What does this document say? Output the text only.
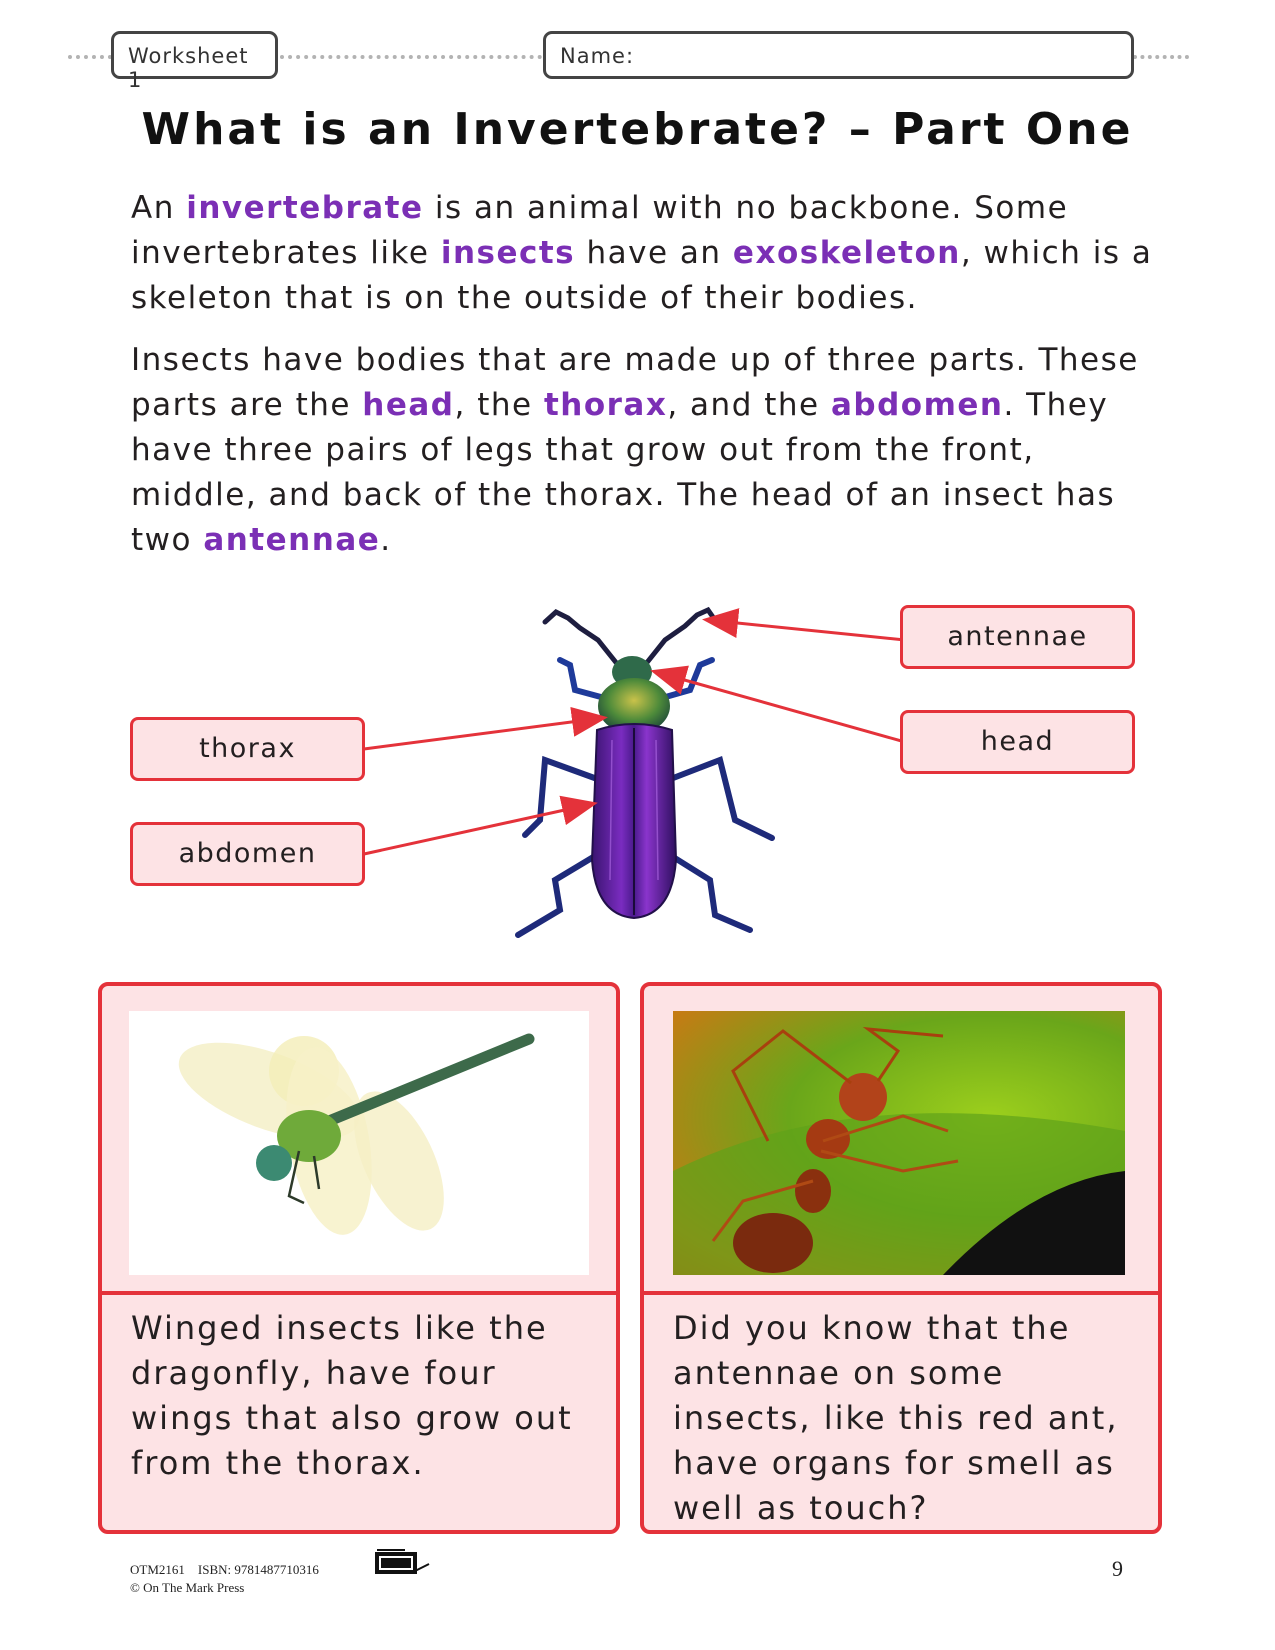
Worksheet 1
Name:
What is an Invertebrate? – Part One
An invertebrate is an animal with no backbone. Some invertebrates like insects have an exoskeleton, which is a skeleton that is on the outside of their bodies.
Insects have bodies that are made up of three parts. These parts are the head, the thorax, and the abdomen. They have three pairs of legs that grow out from the front, middle, and back of the thorax. The head of an insect has two antennae.
antennae
head
thorax
abdomen
Winged insects like the dragonfly, have four wings that also grow out from the thorax.
Did you know that the antennae on some insects, like this red ant, have organs for smell as well as touch?
OTM2161    ISBN: 9781487710316
© On The Mark Press
9
